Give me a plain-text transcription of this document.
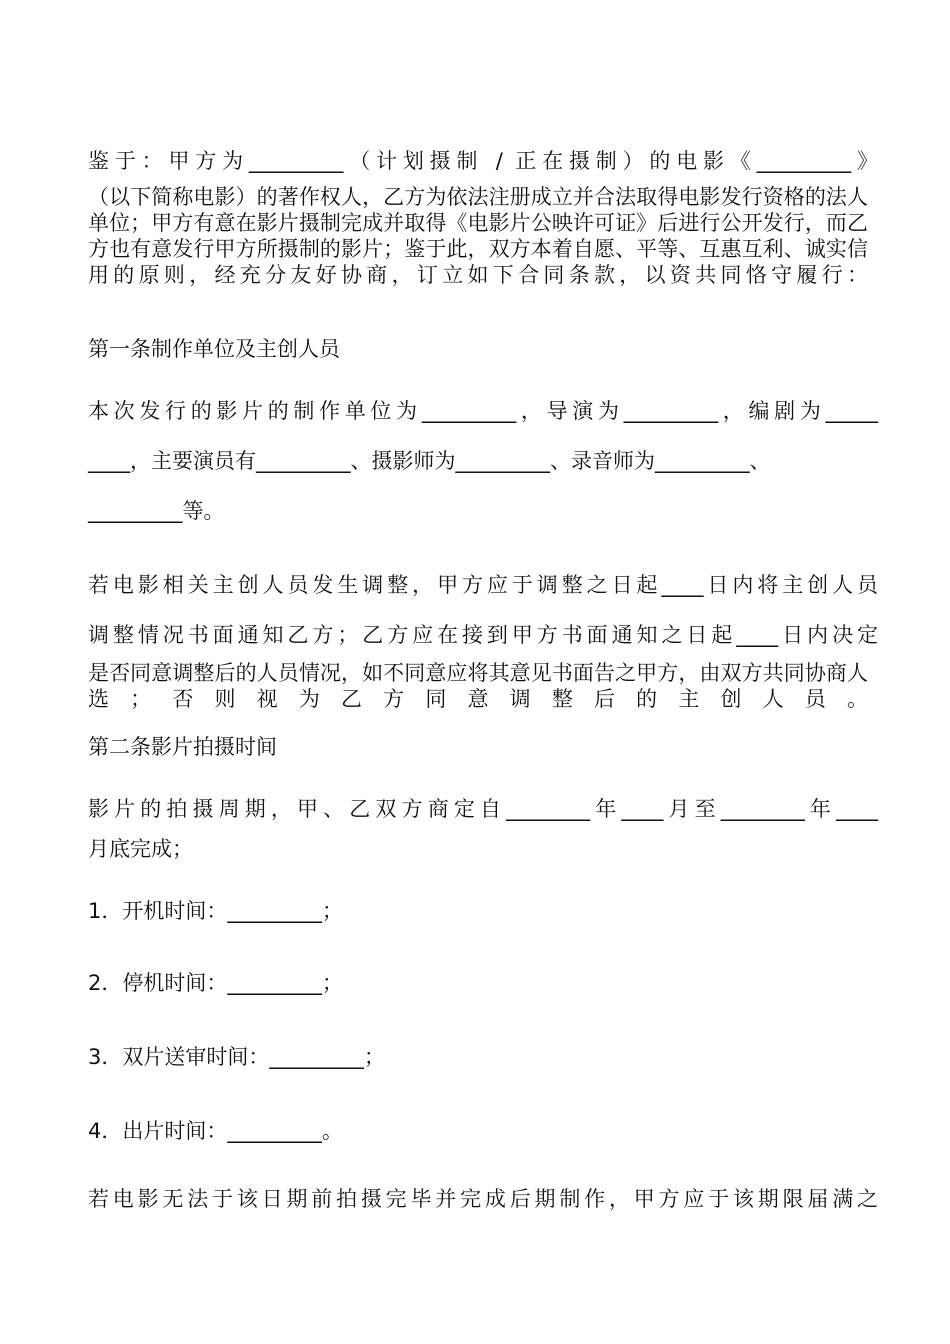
鉴于：甲方为_________（计划摄制 / 正在摄制）的电影《_________》

（以下简称电影）的著作权人，乙方为依法注册成立并合法取得电影发行资格的法人单位；甲方有意在影片摄制完成并取得《电影片公映许可证》后进行公开发行，而乙方也有意发行甲方所摄制的影片；鉴于此，双方本着自愿、平等、互惠互利、诚实信用的原则，经充分友好协商，订立如下合同条款，以资共同恪守履行：

第一条制作单位及主创人员

本次发行的影片的制作单位为_________，导演为_________，编剧为_____

____，主要演员有_________、摄影师为_________、录音师为_________、

_________等。

若电影相关主创人员发生调整，甲方应于调整之日起____日内将主创人员

调整情况书面通知乙方；乙方应在接到甲方书面通知之日起____日内决定

是否同意调整后的人员情况，如不同意应将其意见书面告之甲方，由双方共同协商人选；否则视为乙方同意调整后的主创人员。

第二条影片拍摄时间

影片的拍摄周期，甲、乙双方商定自________年____月至________年____

月底完成；

1．开机时间：_________；

2．停机时间：_________；

3．双片送审时间：_________；

4．出片时间：_________。

若电影无法于该日期前拍摄完毕并完成后期制作，甲方应于该期限届满之
